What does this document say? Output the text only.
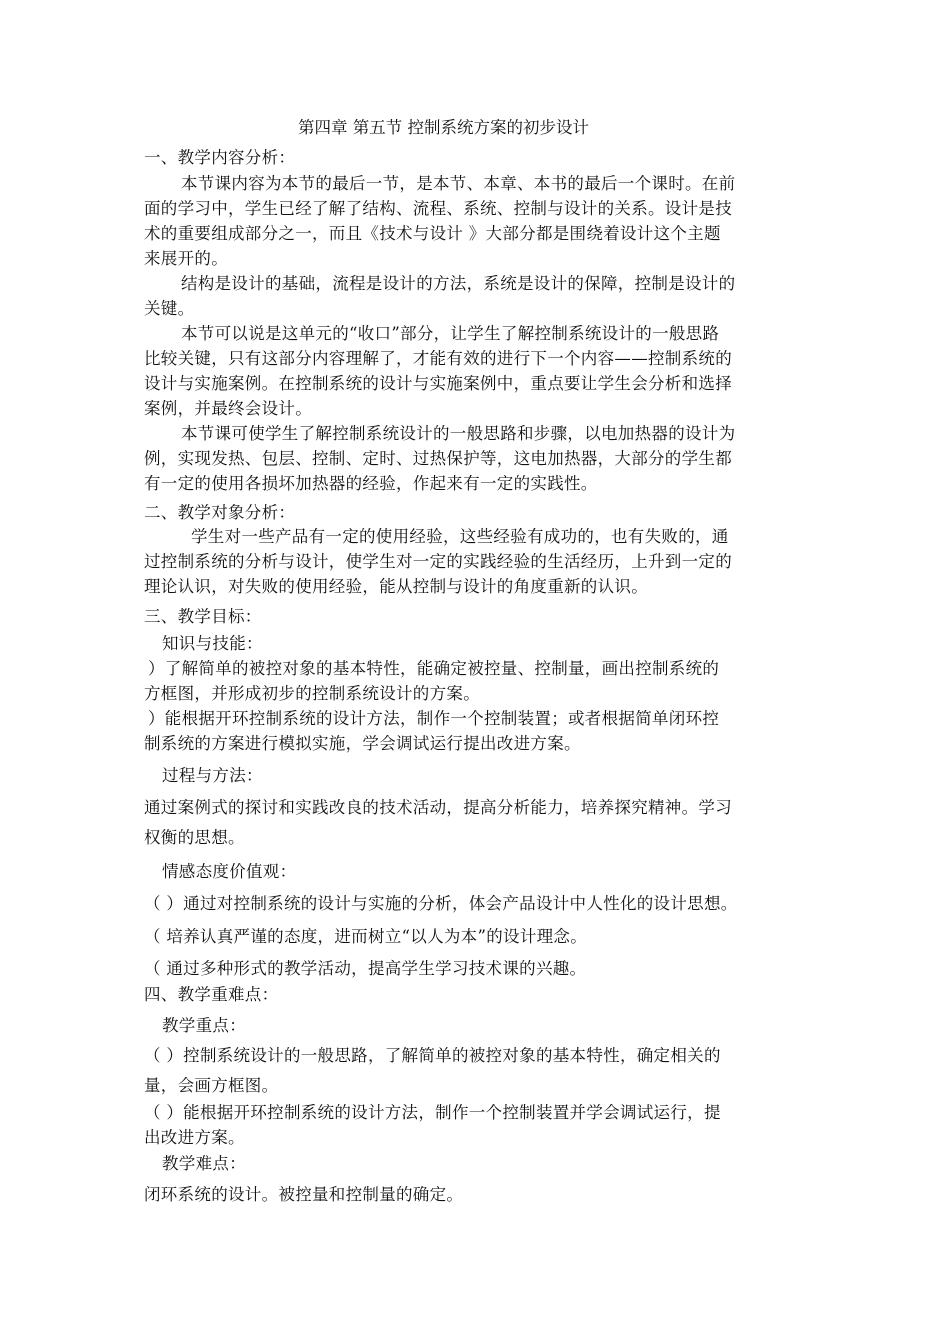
第四章 第五节 控制系统方案的初步设计
一、教学内容分析：
本节课内容为本节的最后一节，是本节、本章、本书的最后一个课时。在前
面的学习中，学生已经了解了结构、流程、系统、控制与设计的关系。设计是技
术的重要组成部分之一，而且《技术与设计 》大部分都是围绕着设计这个主题
来展开的。
结构是设计的基础，流程是设计的方法，系统是设计的保障，控制是设计的
关键。
本节可以说是这单元的“收口”部分，让学生了解控制系统设计的一般思路
比较关键，只有这部分内容理解了，才能有效的进行下一个内容——控制系统的
设计与实施案例。在控制系统的设计与实施案例中，重点要让学生会分析和选择
案例，并最终会设计。
本节课可使学生了解控制系统设计的一般思路和步骤，以电加热器的设计为
例，实现发热、包层、控制、定时、过热保护等，这电加热器，大部分的学生都
有一定的使用各损坏加热器的经验，作起来有一定的实践性。
二、教学对象分析：
学生对一些产品有一定的使用经验，这些经验有成功的，也有失败的，通
过控制系统的分析与设计，使学生对一定的实践经验的生活经历，上升到一定的
理论认识，对失败的使用经验，能从控制与设计的角度重新的认识。
三、教学目标：
知识与技能：
）了解简单的被控对象的基本特性，能确定被控量、控制量，画出控制系统的
方框图，并形成初步的控制系统设计的方案。
）能根据开环控制系统的设计方法，制作一个控制装置；或者根据简单闭环控
制系统的方案进行模拟实施，学会调试运行提出改进方案。
过程与方法：
通过案例式的探讨和实践改良的技术活动，提高分析能力，培养探究精神。学习
权衡的思想。
情感态度价值观：
（ ）通过对控制系统的设计与实施的分析，体会产品设计中人性化的设计思想。
（ 培养认真严谨的态度，进而树立“以人为本”的设计理念。
（ 通过多种形式的教学活动，提高学生学习技术课的兴趣。
四、教学重难点：
教学重点：
（ ）控制系统设计的一般思路，了解简单的被控对象的基本特性，确定相关的
量，会画方框图。
（ ）能根据开环控制系统的设计方法，制作一个控制装置并学会调试运行，提
出改进方案。
教学难点：
闭环系统的设计。被控量和控制量的确定。
